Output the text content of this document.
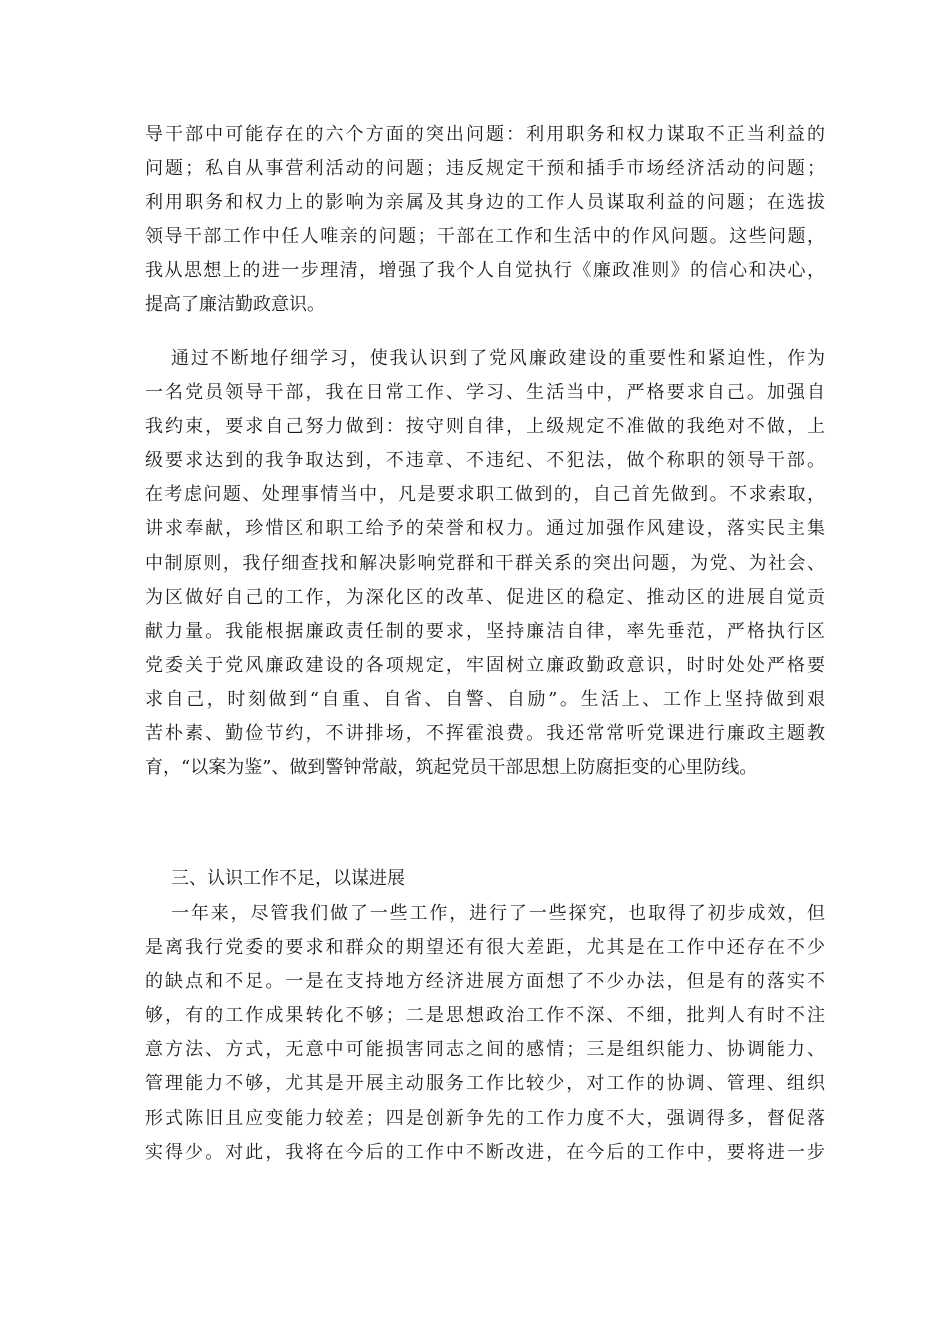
导干部中可能存在的六个方面的突出问题：利用职务和权力谋取不正当利益的
问题；私自从事营利活动的问题；违反规定干预和插手市场经济活动的问题；
利用职务和权力上的影响为亲属及其身边的工作人员谋取利益的问题；在选拔
领导干部工作中任人唯亲的问题；干部在工作和生活中的作风问题。这些问题，
我从思想上的进一步理清，增强了我个人自觉执行《廉政准则》的信心和决心，
提高了廉洁勤政意识。
通过不断地仔细学习，使我认识到了党风廉政建设的重要性和紧迫性，作为
一名党员领导干部，我在日常工作、学习、生活当中，严格要求自己。加强自
我约束，要求自己努力做到：按守则自律，上级规定不准做的我绝对不做，上
级要求达到的我争取达到，不违章、不违纪、不犯法，做个称职的领导干部。
在考虑问题、处理事情当中，凡是要求职工做到的，自己首先做到。不求索取，
讲求奉献，珍惜区和职工给予的荣誉和权力。通过加强作风建设，落实民主集
中制原则，我仔细查找和解决影响党群和干群关系的突出问题，为党、为社会、
为区做好自己的工作，为深化区的改革、促进区的稳定、推动区的进展自觉贡
献力量。我能根据廉政责任制的要求，坚持廉洁自律，率先垂范，严格执行区
党委关于党风廉政建设的各项规定，牢固树立廉政勤政意识，时时处处严格要
求自己，时刻做到“自重、自省、自警、自励”。生活上、工作上坚持做到艰
苦朴素、勤俭节约，不讲排场，不挥霍浪费。我还常常听党课进行廉政主题教
育，“以案为鉴”、做到警钟常敲，筑起党员干部思想上防腐拒变的心里防线。
三、认识工作不足，以谋进展
一年来，尽管我们做了一些工作，进行了一些探究，也取得了初步成效，但
是离我行党委的要求和群众的期望还有很大差距，尤其是在工作中还存在不少
的缺点和不足。一是在支持地方经济进展方面想了不少办法，但是有的落实不
够，有的工作成果转化不够；二是思想政治工作不深、不细，批判人有时不注
意方法、方式，无意中可能损害同志之间的感情；三是组织能力、协调能力、
管理能力不够，尤其是开展主动服务工作比较少，对工作的协调、管理、组织
形式陈旧且应变能力较差；四是创新争先的工作力度不大，强调得多，督促落
实得少。对此，我将在今后的工作中不断改进，在今后的工作中，要将进一步
